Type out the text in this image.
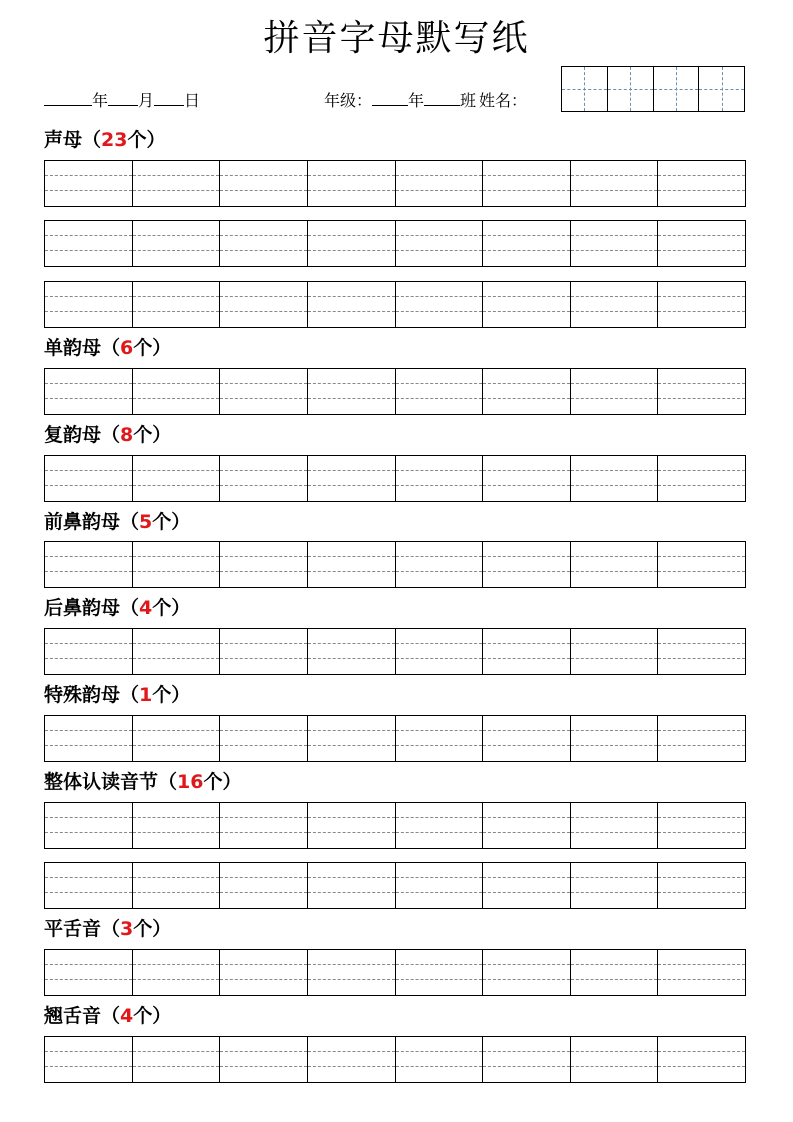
拼音字母默写纸
年 月 日	年级： 年 班 姓名：
声母（23个）
单韵母（6个）
复韵母（8个）
前鼻韵母（5个）
后鼻韵母（4个）
特殊韵母（1个）
整体认读音节（16个）
平舌音（3个）
翘舌音（4个）
